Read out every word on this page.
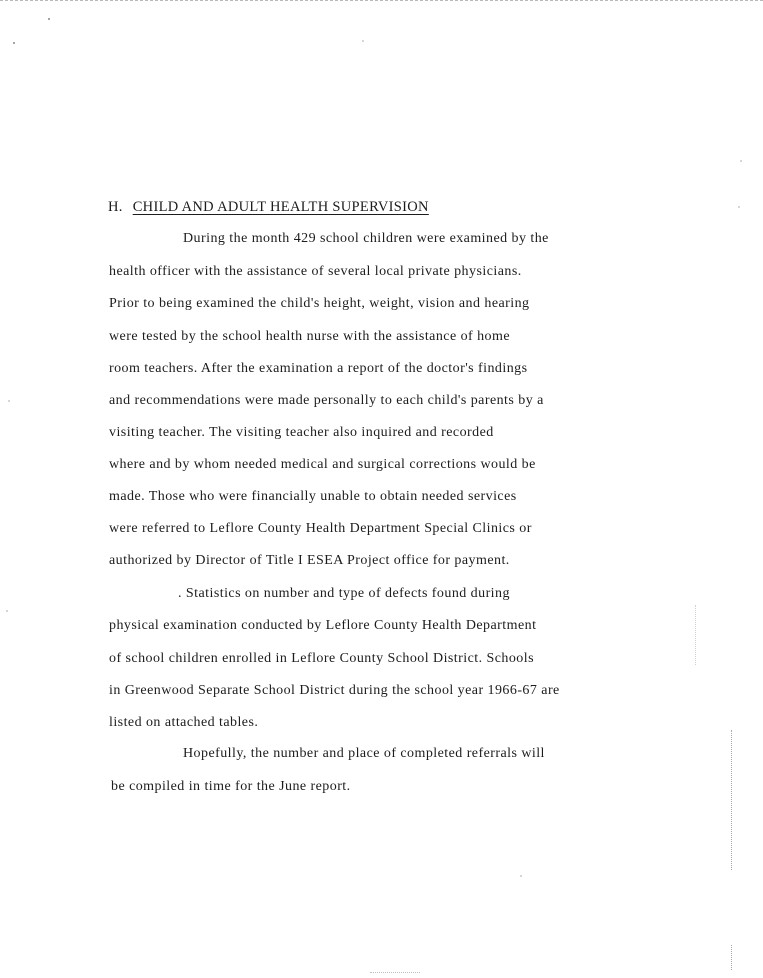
H. CHILD AND ADULT HEALTH SUPERVISION
During the month 429 school children were examined by the
health officer with the assistance of several local private physicians.
Prior to being examined the child's height, weight, vision and hearing
were tested by the school health nurse with the assistance of home
room teachers. After the examination a report of the doctor's findings
and recommendations were made personally to each child's parents by a
visiting teacher. The visiting teacher also inquired and recorded
where and by whom needed medical and surgical corrections would be
made. Those who were financially unable to obtain needed services
were referred to Leflore County Health Department Special Clinics or
authorized by Director of Title I ESEA Project office for payment.
. Statistics on number and type of defects found during
physical examination conducted by Leflore County Health Department
of school children enrolled in Leflore County School District. Schools
in Greenwood Separate School District during the school year 1966-67 are
listed on attached tables.
Hopefully, the number and place of completed referrals will
be compiled in time for the June report.
